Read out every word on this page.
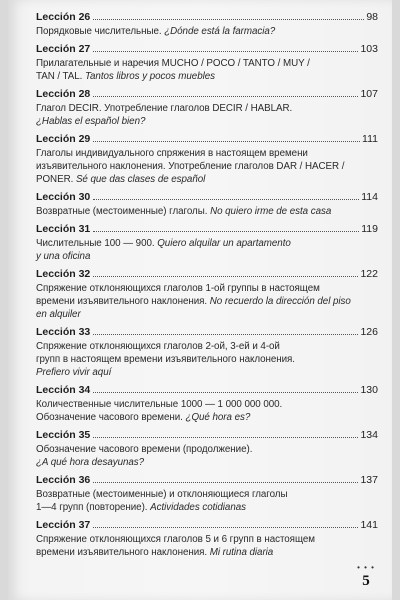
Lección 26	98
Порядковые числительные. ¿Dónde está la farmacia?
Lección 27	103
Прилагательные и наречия MUCHO / POCO / TANTO / MUY /
TAN / TAL. Tantos libros y pocos muebles
Lección 28	107
Глагол DECIR. Употребление глаголов DECIR / HABLAR.
¿Hablas el español bien?
Lección 29	111
Глаголы индивидуального спряжения в настоящем времени
изъявительного наклонения. Употребление глаголов DAR / HACER /
PONER. Sé que das clases de español
Lección 30	114
Возвратные (местоименные) глаголы. No quiero irme de esta casa
Lección 31	119
Числительные 100 — 900. Quiero alquilar un apartamento
y una oficina
Lección 32	122
Спряжение отклоняющихся глаголов 1-ой группы в настоящем
времени изъявительного наклонения. No recuerdo la dirección del piso
en alquiler
Lección 33	126
Спряжение отклоняющихся глаголов 2-ой, 3-ей и 4-ой
групп в настоящем времени изъявительного наклонения.
Prefiero vivir aquí
Lección 34	130
Количественные числительные 1000 — 1 000 000 000.
Обозначение часового времени. ¿Qué hora es?
Lección 35	134
Обозначение часового времени (продолжение).
¿A qué hora desayunas?
Lección 36	137
Возвратные (местоименные) и отклоняющиеся глаголы
1—4 групп (повторение). Actividades cotidianas
Lección 37	141
Спряжение отклоняющихся глаголов 5 и 6 групп в настоящем
времени изъявительного наклонения. Mi rutina diaria
• • •
5
